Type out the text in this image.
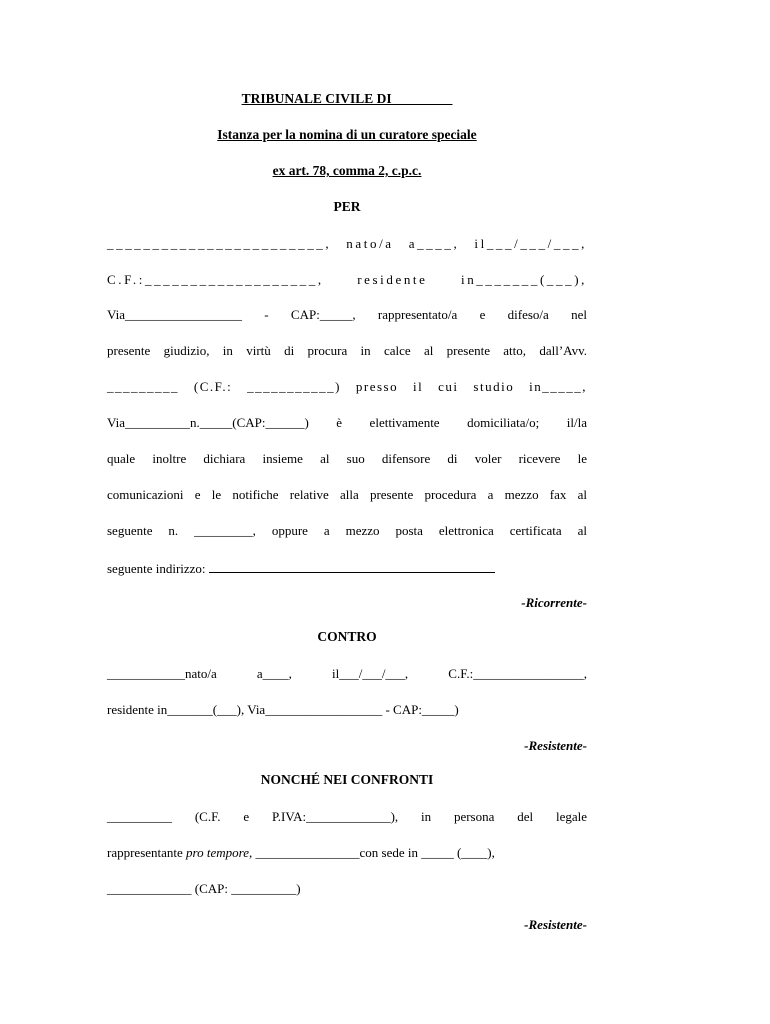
TRIBUNALE CIVILE DI_________
Istanza per la nomina di un curatore speciale
ex art. 78, comma 2, c.p.c.
PER
________________________, nato/a a____, il___/___/___,
C.F.:___________________, residente in_______(___),
Via__________________ - CAP:_____, rappresentato/a e difeso/a nel
presente giudizio, in virtù di procura in calce al presente atto, dall’Avv.
_________ (C.F.: ___________) presso il cui studio in_____,
Via__________n._____(CAP:______) è elettivamente domiciliata/o; il/la
quale inoltre dichiara insieme al suo difensore di voler ricevere le
comunicazioni e le notifiche relative alla presente procedura a mezzo fax al
seguente n. _________, oppure a mezzo posta elettronica certificata al
seguente indirizzo:
-Ricorrente-
CONTRO
____________nato/a a____, il___/___/___, C.F.:_________________,
residente in_______(___), Via__________________ - CAP:_____)
-Resistente-
NONCHÉ NEI CONFRONTI
__________ (C.F. e P.IVA:_____________), in persona del legale
rappresentante pro tempore, ________________con sede in _____ (____),
_____________ (CAP: __________)
-Resistente-
